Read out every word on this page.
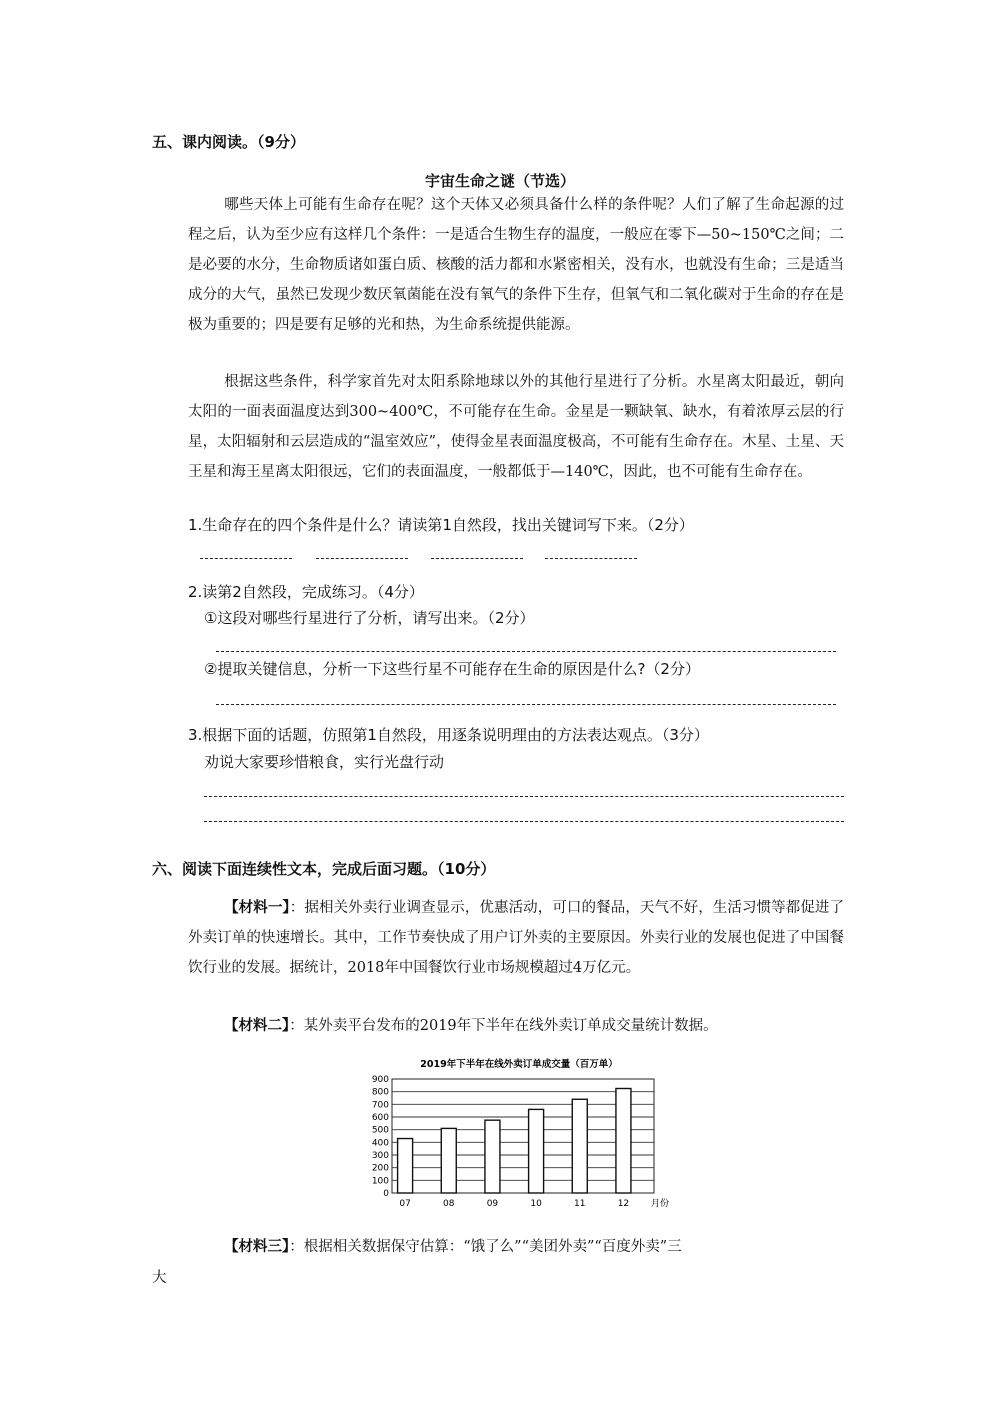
五、课内阅读。（9分）
宇宙生命之谜（节选）
哪些天体上可能有生命存在呢？这个天体又必须具备什么样的条件呢？人们了解了生命起源的过程之后，认为至少应有这样几个条件：一是适合生物生存的温度，一般应在零下—50~150℃之间；二是必要的水分，生命物质诸如蛋白质、核酸的活力都和水紧密相关，没有水，也就没有生命；三是适当成分的大气，虽然已发现少数厌氧菌能在没有氧气的条件下生存，但氧气和二氧化碳对于生命的存在是极为重要的；四是要有足够的光和热，为生命系统提供能源。
根据这些条件，科学家首先对太阳系除地球以外的其他行星进行了分析。水星离太阳最近，朝向太阳的一面表面温度达到300~400℃，不可能存在生命。金星是一颗缺氧、缺水，有着浓厚云层的行星，太阳辐射和云层造成的“温室效应”，使得金星表面温度极高，不可能有生命存在。木星、土星、天王星和海王星离太阳很远，它们的表面温度，一般都低于—140℃，因此，也不可能有生命存在。
1.生命存在的四个条件是什么？请读第1自然段，找出关键词写下来。（2分）
2.读第2自然段，完成练习。（4分）
①这段对哪些行星进行了分析，请写出来。（2分）
②提取关键信息，分析一下这些行星不可能存在生命的原因是什么?（2分）
3.根据下面的话题，仿照第1自然段，用逐条说明理由的方法表达观点。（3分）
劝说大家要珍惜粮食，实行光盘行动
六、阅读下面连续性文本，完成后面习题。（10分）
【材料一】：据相关外卖行业调查显示，优惠活动，可口的餐品，天气不好，生活习惯等都促进了外卖订单的快速增长。其中，工作节奏快成了用户订外卖的主要原因。外卖行业的发展也促进了中国餐饮行业的发展。据统计，2018年中国餐饮行业市场规模超过4万亿元。
【材料二】：某外卖平台发布的2019年下半年在线外卖订单成交量统计数据。
2019年下半年在线外卖订单成交量（百万单）
0
100
200
300
400
500
600
700
800
900
07	08	09	10	11	12 月份
【材料三】：根据相关数据保守估算：“饿了么”“美团外卖”“百度外卖”三
大
